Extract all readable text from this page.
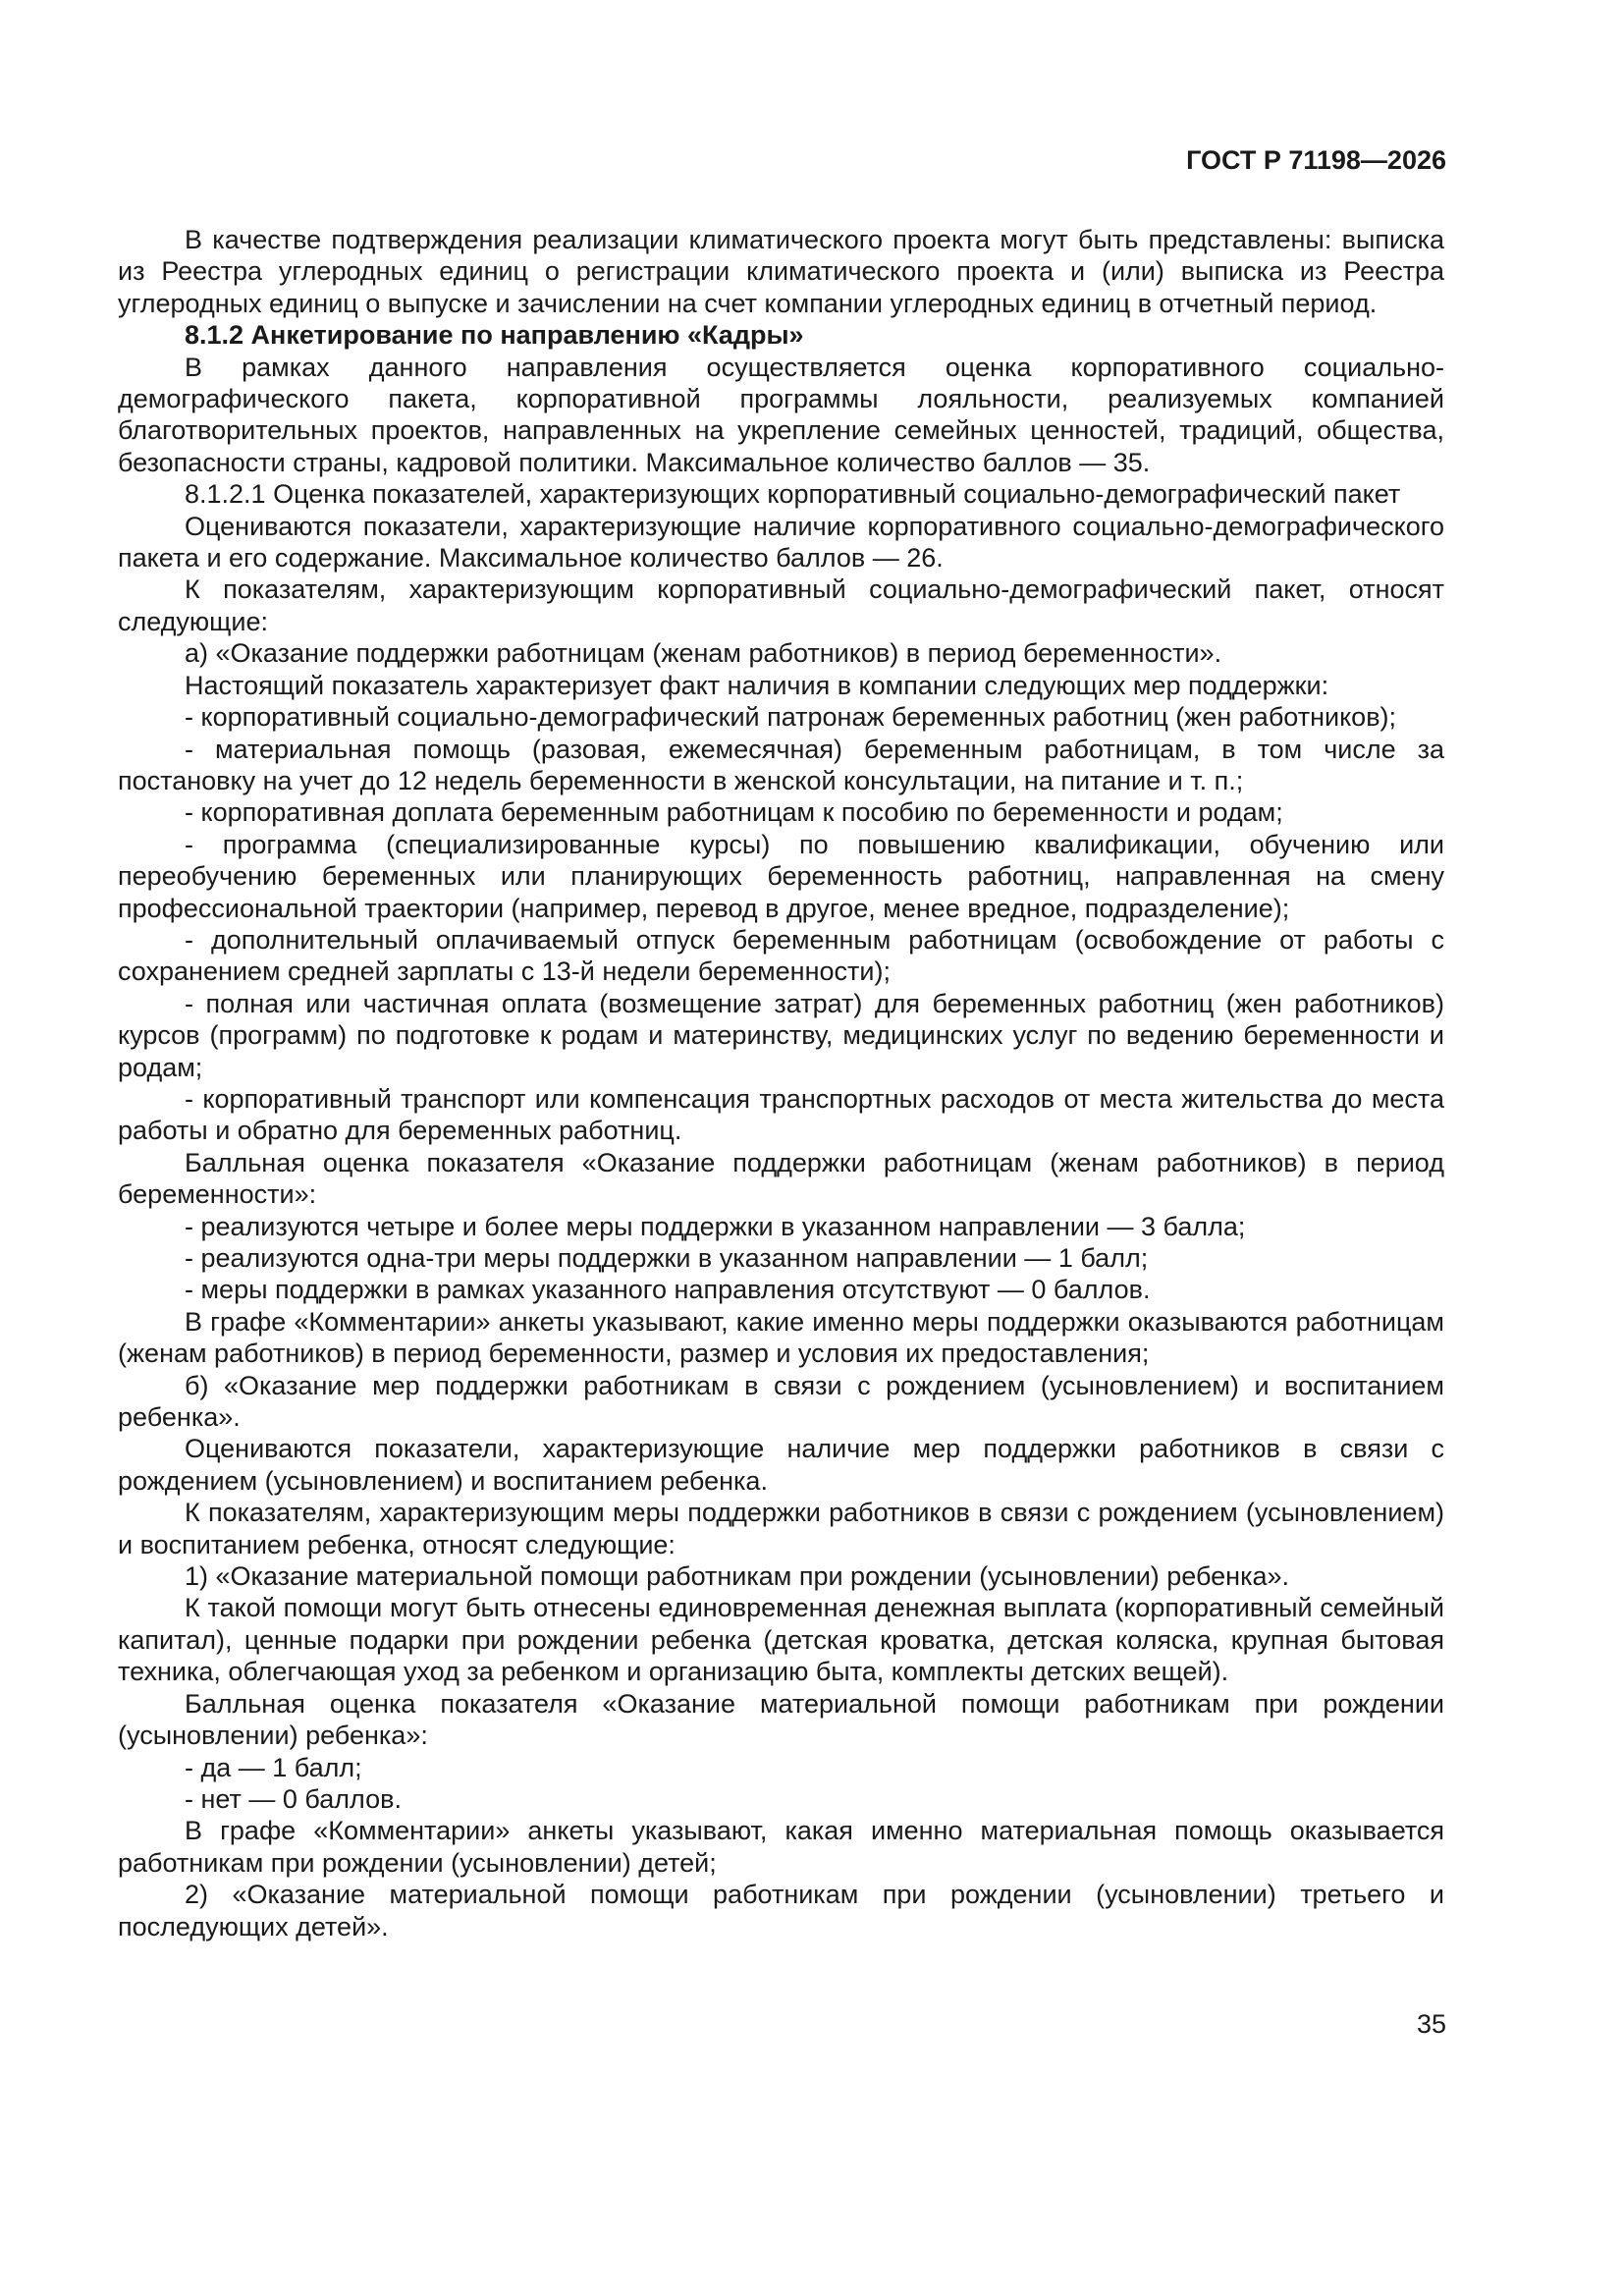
ГОСТ Р 71198—2026

В качестве подтверждения реализации климатического проекта могут быть представлены: выписка из Реестра углеродных единиц о регистрации климатического проекта и (или) выписка из Реестра углеродных единиц о выпуске и зачислении на счет компании углеродных единиц в отчетный период.

8.1.2 Анкетирование по направлению «Кадры»

В рамках данного направления осуществляется оценка корпоративного социально-демографического пакета, корпоративной программы лояльности, реализуемых компанией благотворительных проектов, направленных на укрепление семейных ценностей, традиций, общества, безопасности страны, кадровой политики. Максимальное количество баллов — 35.

8.1.2.1 Оценка показателей, характеризующих корпоративный социально-демографический пакет

Оцениваются показатели, характеризующие наличие корпоративного социально-демографического пакета и его содержание. Максимальное количество баллов — 26.

К показателям, характеризующим корпоративный социально-демографический пакет, относят следующие:

а) «Оказание поддержки работницам (женам работников) в период беременности».

Настоящий показатель характеризует факт наличия в компании следующих мер поддержки:

- корпоративный социально-демографический патронаж беременных работниц (жен работников);

- материальная помощь (разовая, ежемесячная) беременным работницам, в том числе за постановку на учет до 12 недель беременности в женской консультации, на питание и т. п.;

- корпоративная доплата беременным работницам к пособию по беременности и родам;

- программа (специализированные курсы) по повышению квалификации, обучению или переобучению беременных или планирующих беременность работниц, направленная на смену профессиональной траектории (например, перевод в другое, менее вредное, подразделение);

- дополнительный оплачиваемый отпуск беременным работницам (освобождение от работы с сохранением средней зарплаты с 13-й недели беременности);

- полная или частичная оплата (возмещение затрат) для беременных работниц (жен работников) курсов (программ) по подготовке к родам и материнству, медицинских услуг по ведению беременности и родам;

- корпоративный транспорт или компенсация транспортных расходов от места жительства до места работы и обратно для беременных работниц.

Балльная оценка показателя «Оказание поддержки работницам (женам работников) в период беременности»:

- реализуются четыре и более меры поддержки в указанном направлении — 3 балла;

- реализуются одна-три меры поддержки в указанном направлении — 1 балл;

- меры поддержки в рамках указанного направления отсутствуют — 0 баллов.

В графе «Комментарии» анкеты указывают, какие именно меры поддержки оказываются работницам (женам работников) в период беременности, размер и условия их предоставления;

б) «Оказание мер поддержки работникам в связи с рождением (усыновлением) и воспитанием ребенка».

Оцениваются показатели, характеризующие наличие мер поддержки работников в связи с рождением (усыновлением) и воспитанием ребенка.

К показателям, характеризующим меры поддержки работников в связи с рождением (усыновлением) и воспитанием ребенка, относят следующие:

1) «Оказание материальной помощи работникам при рождении (усыновлении) ребенка».

К такой помощи могут быть отнесены единовременная денежная выплата (корпоративный семейный капитал), ценные подарки при рождении ребенка (детская кроватка, детская коляска, крупная бытовая техника, облегчающая уход за ребенком и организацию быта, комплекты детских вещей).

Балльная оценка показателя «Оказание материальной помощи работникам при рождении (усыновлении) ребенка»:

- да — 1 балл;

- нет — 0 баллов.

В графе «Комментарии» анкеты указывают, какая именно материальная помощь оказывается работникам при рождении (усыновлении) детей;

2) «Оказание материальной помощи работникам при рождении (усыновлении) третьего и последующих детей».

35
